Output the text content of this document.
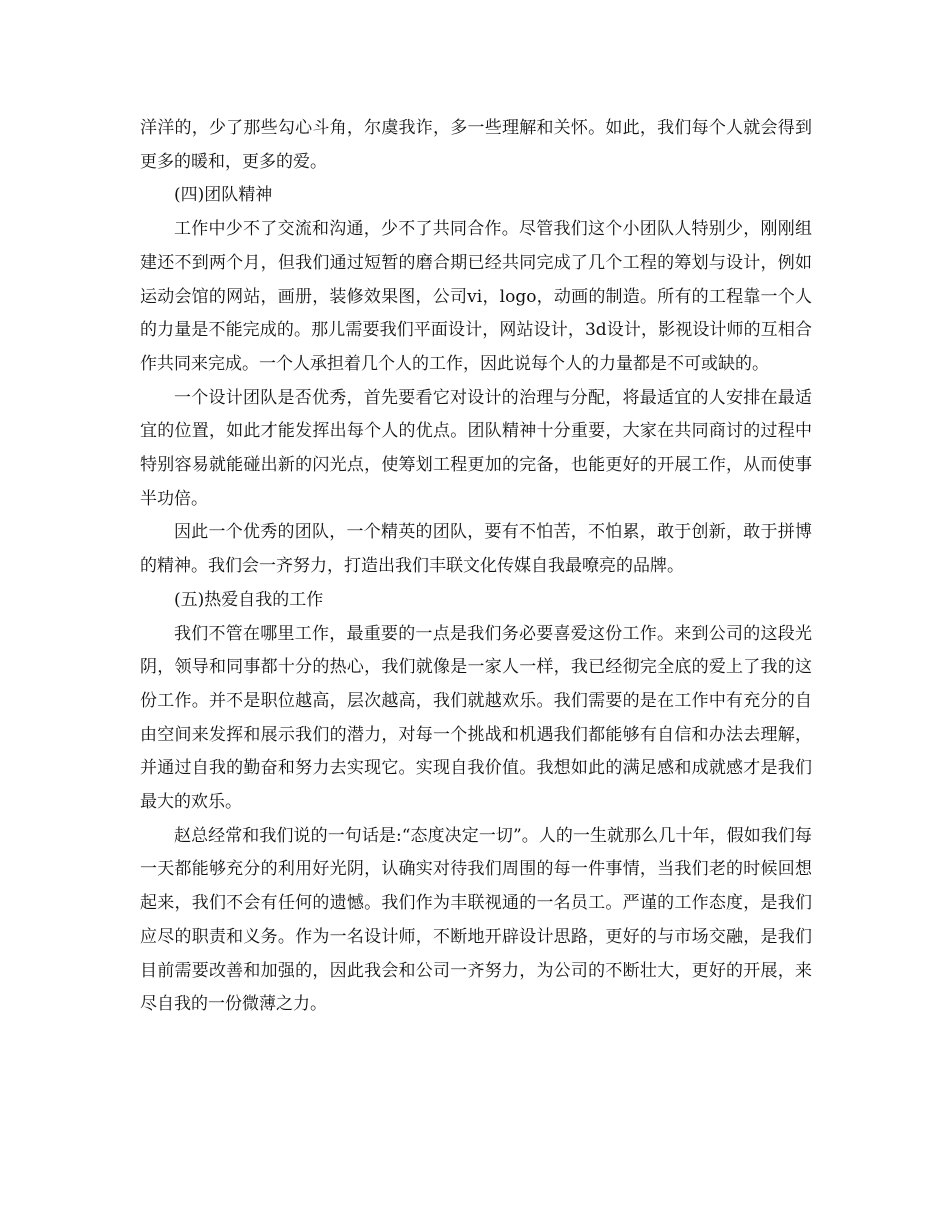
洋洋的，少了那些勾心斗角，尔虞我诈，多一些理解和关怀。如此，我们每个人就会得到更多的暖和，更多的爱。

(四)团队精神

工作中少不了交流和沟通，少不了共同合作。尽管我们这个小团队人特别少，刚刚组建还不到两个月，但我们通过短暂的磨合期已经共同完成了几个工程的筹划与设计，例如运动会馆的网站，画册，装修效果图，公司vi，logo，动画的制造。所有的工程靠一个人的力量是不能完成的。那儿需要我们平面设计，网站设计，3d设计，影视设计师的互相合作共同来完成。一个人承担着几个人的工作，因此说每个人的力量都是不可或缺的。

一个设计团队是否优秀，首先要看它对设计的治理与分配，将最适宜的人安排在最适宜的位置，如此才能发挥出每个人的优点。团队精神十分重要，大家在共同商讨的过程中特别容易就能碰出新的闪光点，使筹划工程更加的完备，也能更好的开展工作，从而使事半功倍。

因此一个优秀的团队，一个精英的团队，要有不怕苦，不怕累，敢于创新，敢于拼博的精神。我们会一齐努力，打造出我们丰联文化传媒自我最嘹亮的品牌。

(五)热爱自我的工作

我们不管在哪里工作，最重要的一点是我们务必要喜爱这份工作。来到公司的这段光阴，领导和同事都十分的热心，我们就像是一家人一样，我已经彻完全底的爱上了我的这份工作。并不是职位越高，层次越高，我们就越欢乐。我们需要的是在工作中有充分的自由空间来发挥和展示我们的潜力，对每一个挑战和机遇我们都能够有自信和办法去理解，并通过自我的勤奋和努力去实现它。实现自我价值。我想如此的满足感和成就感才是我们最大的欢乐。

赵总经常和我们说的一句话是:“态度决定一切”。人的一生就那么几十年，假如我们每一天都能够充分的利用好光阴，认确实对待我们周围的每一件事情，当我们老的时候回想起来，我们不会有任何的遗憾。我们作为丰联视通的一名员工。严谨的工作态度，是我们应尽的职责和义务。作为一名设计师，不断地开辟设计思路，更好的与市场交融，是我们目前需要改善和加强的，因此我会和公司一齐努力，为公司的不断壮大，更好的开展，来尽自我的一份微薄之力。
